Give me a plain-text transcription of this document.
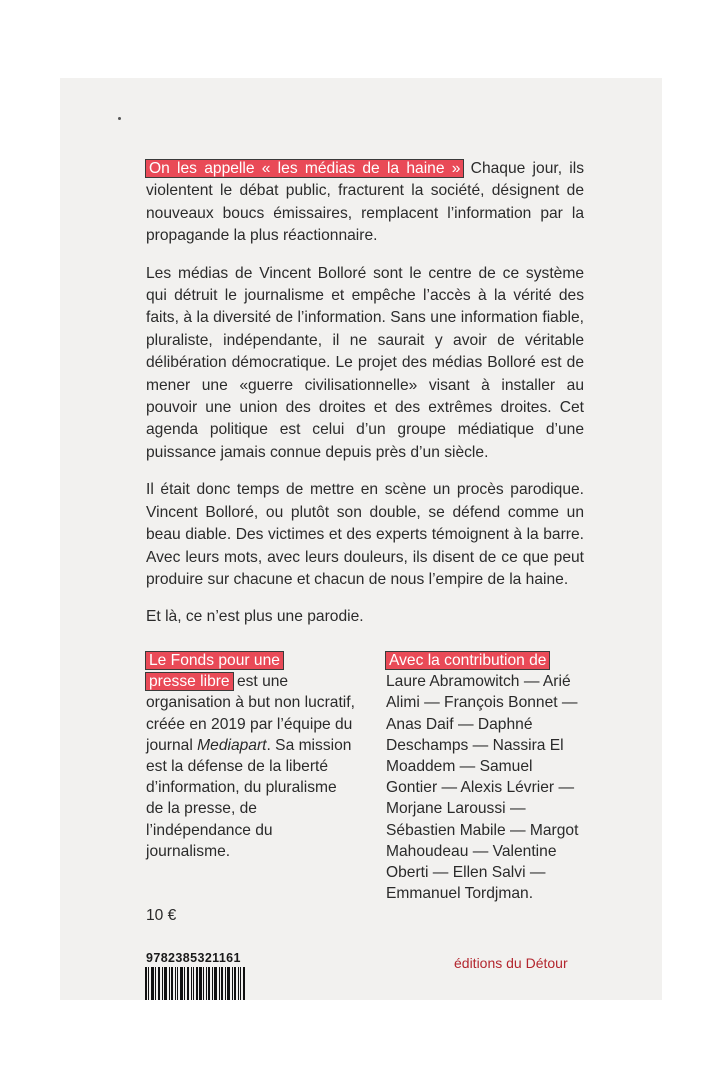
On les appelle « les médias de la haine » Chaque jour, ils violentent le débat public, fracturent la société, désignent de nouveaux boucs émissaires, remplacent l’information par la propagande la plus réactionnaire.

Les médias de Vincent Bolloré sont le centre de ce système qui détruit le journalisme et empêche l’accès à la vérité des faits, à la diversité de l’information. Sans une information fiable, pluraliste, indépendante, il ne saurait y avoir de véritable délibération démocratique. Le projet des médias Bolloré est de mener une «guerre civilisationnelle» visant à installer au pouvoir une union des droites et des extrêmes droites. Cet agenda politique est celui d’un groupe médiatique d’une puissance jamais connue depuis près d’un siècle.

Il était donc temps de mettre en scène un procès parodique. Vincent Bolloré, ou plutôt son double, se défend comme un beau diable. Des victimes et des experts témoignent à la barre. Avec leurs mots, avec leurs douleurs, ils disent de ce que peut produire sur chacune et chacun de nous l’empire de la haine.

Et là, ce n’est plus une parodie.

Le Fonds pour une
presse libre est une organisation à but non lucratif, créée en 2019 par l’équipe du journal Mediapart. Sa mission est la défense de la liberté d’information, du pluralisme de la presse, de l’indépendance du journalisme.
Avec la contribution de
Laure Abramowitch — Arié Alimi — François Bonnet — Anas Daif — Daphné Deschamps — Nassira El Moaddem — Samuel Gontier — Alexis Lévrier — Morjane Laroussi — Sébastien Mabile — Margot Mahoudeau — Valentine Oberti — Ellen Salvi — Emmanuel Tordjman.
10 €
9782385321161	éditions du Détour
